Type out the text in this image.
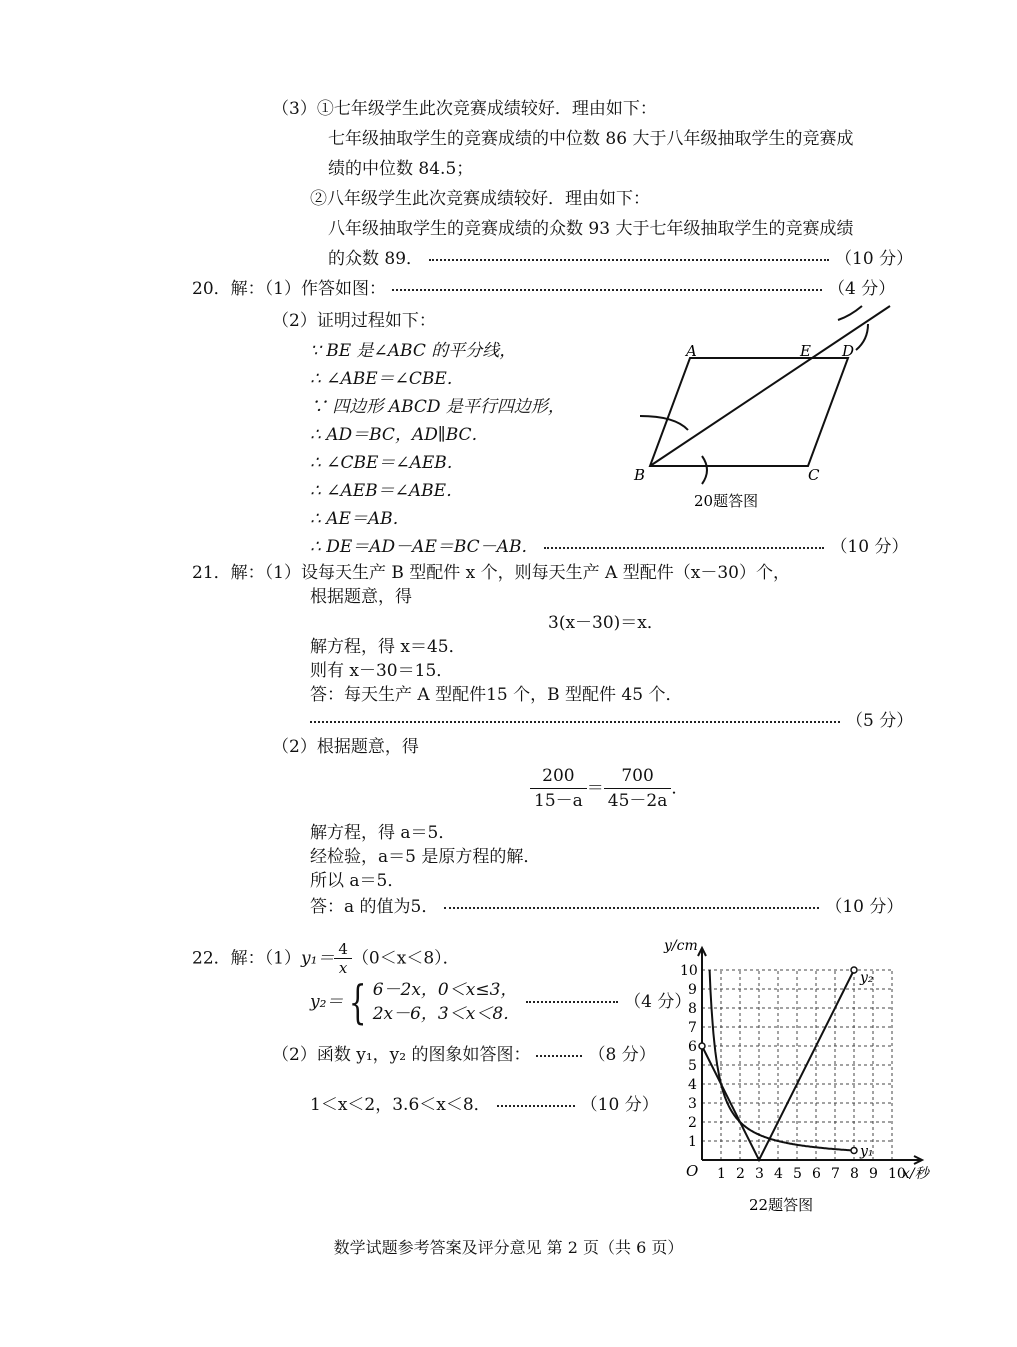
（3）①七年级学生此次竞赛成绩较好．理由如下：
七年级抽取学生的竞赛成绩的中位数 86 大于八年级抽取学生的竞赛成
绩的中位数 84.5；
②八年级学生此次竞赛成绩较好．理由如下：
八年级抽取学生的竞赛成绩的众数 93 大于七年级抽取学生的竞赛成绩
的众数 89．	（10 分）
20．解：（1）作答如图：	（4 分）
（2）证明过程如下：
∵ BE 是∠ABC 的平分线，
∴ ∠ABE＝∠CBE．
∵ 四边形 ABCD 是平行四边形，
∴ AD＝BC，AD∥BC．
∴ ∠CBE＝∠AEB．
∴ ∠AEB＝∠ABE．
∴ AE＝AB．
∴ DE＝AD－AE＝BC－AB．	（10 分）
A	E D
B	C
20题答图
21．解：（1）设每天生产 B 型配件 x 个，则每天生产 A 型配件（x－30）个，
根据题意，得
3(x－30)＝x．
解方程，得 x＝45．
则有 x－30＝15．
答：每天生产 A 型配件15 个，B 型配件 45 个．
（5 分）
（2）根据题意，得
$\frac{200}{15-a} = \frac{700}{45-2a}$ ．
解方程，得 a＝5．
经检验，a＝5 是原方程的解．
所以 a＝5．
答：a 的值为5．	（10 分）
22．解：$(1)y_1= \frac{4}{x} (0<x<8)$．
y₂＝ { 6－2x，0＜x≤3，
2x－6，3＜x＜8．
（4 分）
（2）函数 y₁，y₂ 的图象如答图：	（8 分）
1＜x＜2，3.6＜x＜8．	（10 分）
1 2 3 4 5 6 7 8 9 10
1
2
3
4
5
6
7
8
9
10
y₁
y₂
y/cm
x/秒
O
22题答图
数学试题参考答案及评分意见 第 2 页（共 6 页）
